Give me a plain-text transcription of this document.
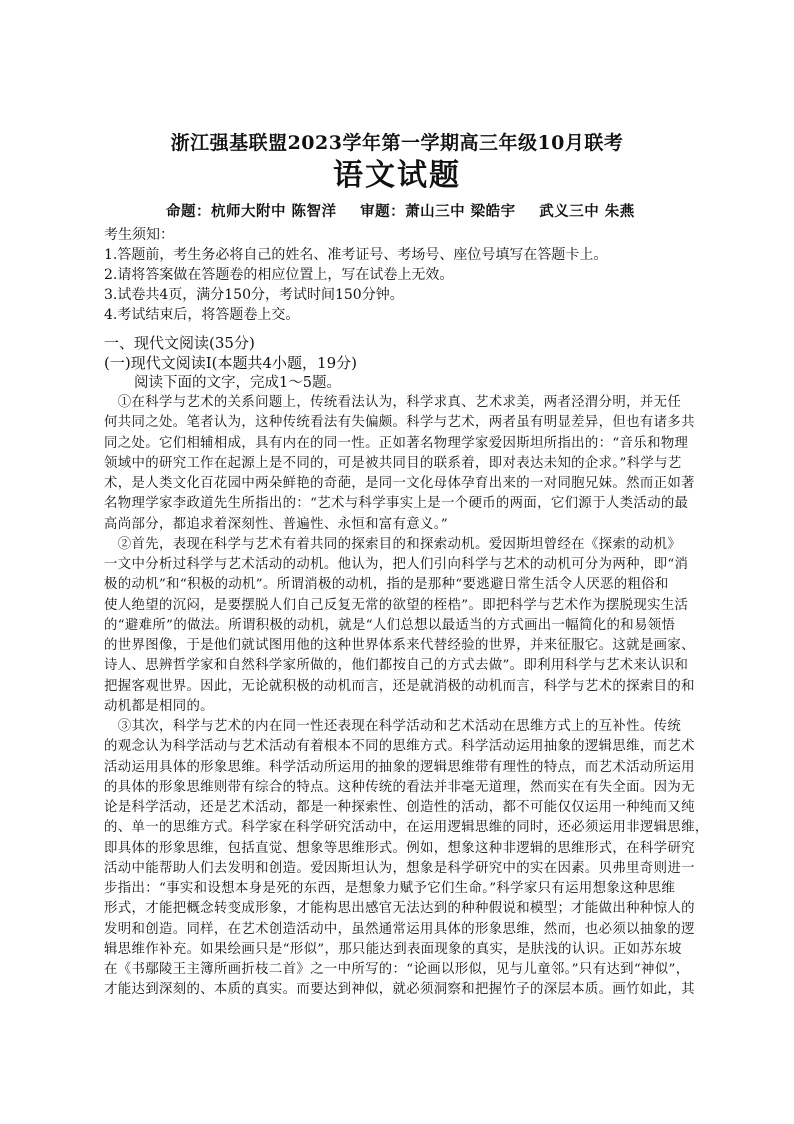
浙江强基联盟2023学年第一学期高三年级10月联考
语文试题
命题：杭师大附中 陈智洋 审题：萧山三中 梁皓宇 武义三中 朱燕
考生须知：
1.答题前，考生务必将自己的姓名、准考证号、考场号、座位号填写在答题卡上。
2.请将答案做在答题卷的相应位置上，写在试卷上无效。
3.试卷共4页，满分150分，考试时间150分钟。
4.考试结束后，将答题卷上交。
一、现代文阅读(35分)
(一)现代文阅读Ⅰ(本题共4小题，19分)
阅读下面的文字，完成1～5题。
　①在科学与艺术的关系问题上，传统看法认为，科学求真、艺术求美，两者泾渭分明，并无任
何共同之处。笔者认为，这种传统看法有失偏颇。科学与艺术，两者虽有明显差异，但也有诸多共
同之处。它们相辅相成，具有内在的同一性。正如著名物理学家爱因斯坦所指出的：“音乐和物理
领域中的研究工作在起源上是不同的，可是被共同目的联系着，即对表达未知的企求。”科学与艺
术，是人类文化百花园中两朵鲜艳的奇葩，是同一文化母体孕育出来的一对同胞兄妹。然而正如著
名物理学家李政道先生所指出的：“艺术与科学事实上是一个硬币的两面，它们源于人类活动的最
高尚部分，都追求着深刻性、普遍性、永恒和富有意义。”
　②首先，表现在科学与艺术有着共同的探索目的和探索动机。爱因斯坦曾经在《探索的动机》
一文中分析过科学与艺术活动的动机。他认为，把人们引向科学与艺术的动机可分为两种，即“消
极的动机”和“积极的动机”。所谓消极的动机，指的是那种“要逃避日常生活令人厌恶的粗俗和
使人绝望的沉闷，是要摆脱人们自己反复无常的欲望的桎梏”。即把科学与艺术作为摆脱现实生活
的“避难所”的做法。所谓积极的动机，就是“人们总想以最适当的方式画出一幅简化的和易领悟
的世界图像，于是他们就试图用他的这种世界体系来代替经验的世界，并来征服它。这就是画家、
诗人、思辨哲学家和自然科学家所做的，他们都按自己的方式去做”。即利用科学与艺术来认识和
把握客观世界。因此，无论就积极的动机而言，还是就消极的动机而言，科学与艺术的探索目的和
动机都是相同的。
　③其次，科学与艺术的内在同一性还表现在科学活动和艺术活动在思维方式上的互补性。传统
的观念认为科学活动与艺术活动有着根本不同的思维方式。科学活动运用抽象的逻辑思维，而艺术
活动运用具体的形象思维。科学活动所运用的抽象的逻辑思维带有理性的特点，而艺术活动所运用
的具体的形象思维则带有综合的特点。这种传统的看法并非毫无道理，然而实在有失全面。因为无
论是科学活动，还是艺术活动，都是一种探索性、创造性的活动，都不可能仅仅运用一种纯而又纯
的、单一的思维方式。科学家在科学研究活动中，在运用逻辑思维的同时，还必须运用非逻辑思维，
即具体的形象思维，包括直觉、想象等思维形式。例如，想象这种非逻辑的思维形式，在科学研究
活动中能帮助人们去发明和创造。爱因斯坦认为，想象是科学研究中的实在因素。贝弗里奇则进一
步指出：“事实和设想本身是死的东西，是想象力赋予它们生命。”科学家只有运用想象这种思维
形式，才能把概念转变成形象，才能构思出感官无法达到的种种假说和模型；才能做出种种惊人的
发明和创造。同样，在艺术创造活动中，虽然通常运用具体的形象思维，然而，也必须以抽象的逻
辑思维作补充。如果绘画只是“形似”，那只能达到表面现象的真实，是肤浅的认识。正如苏东坡
在《书鄢陵王主簿所画折枝二首》之一中所写的：“论画以形似，见与儿童邻。”只有达到“神似”，
才能达到深刻的、本质的真实。而要达到神似，就必须洞察和把握竹子的深层本质。画竹如此，其
